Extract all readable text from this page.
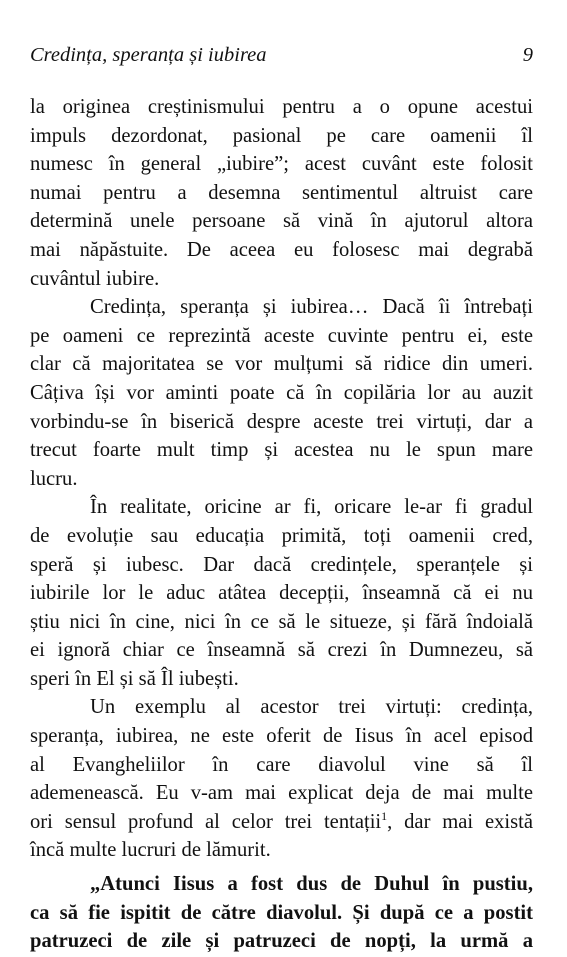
Credința, speranța și iubirea	9
la originea creștinismului pentru a o opune acestui
impuls dezordonat, pasional pe care oamenii îl
numesc în general „iubire”; acest cuvânt este folosit
numai pentru a desemna sentimentul altruist care
determină unele persoane să vină în ajutorul altora
mai năpăstuite. De aceea eu folosesc mai degrabă
cuvântul iubire.
Credința, speranța și iubirea… Dacă îi întrebați
pe oameni ce reprezintă aceste cuvinte pentru ei, este
clar că majoritatea se vor mulțumi să ridice din umeri.
Câțiva își vor aminti poate că în copilăria lor au auzit
vorbindu-se în biserică despre aceste trei virtuți, dar a
trecut foarte mult timp și acestea nu le spun mare
lucru.
În realitate, oricine ar fi, oricare le-ar fi gradul
de evoluție sau educația primită, toți oamenii cred,
speră și iubesc. Dar dacă credințele, speranțele și
iubirile lor le aduc atâtea decepții, înseamnă că ei nu
știu nici în cine, nici în ce să le situeze, și fără îndoială
ei ignoră chiar ce înseamnă să crezi în Dumnezeu, să
speri în El și să Îl iubești.
Un exemplu al acestor trei virtuți: credința,
speranța, iubirea, ne este oferit de Iisus în acel episod
al Evangheliilor în care diavolul vine să îl
ademenească. Eu v-am mai explicat deja de mai multe
ori sensul profund al celor trei tentații$^1$, dar mai există
încă multe lucruri de lămurit.
„Atunci Iisus a fost dus de Duhul în pustiu,
ca să fie ispitit de către diavolul. Și după ce a postit
patruzeci de zile și patruzeci de nopți, la urmă a
